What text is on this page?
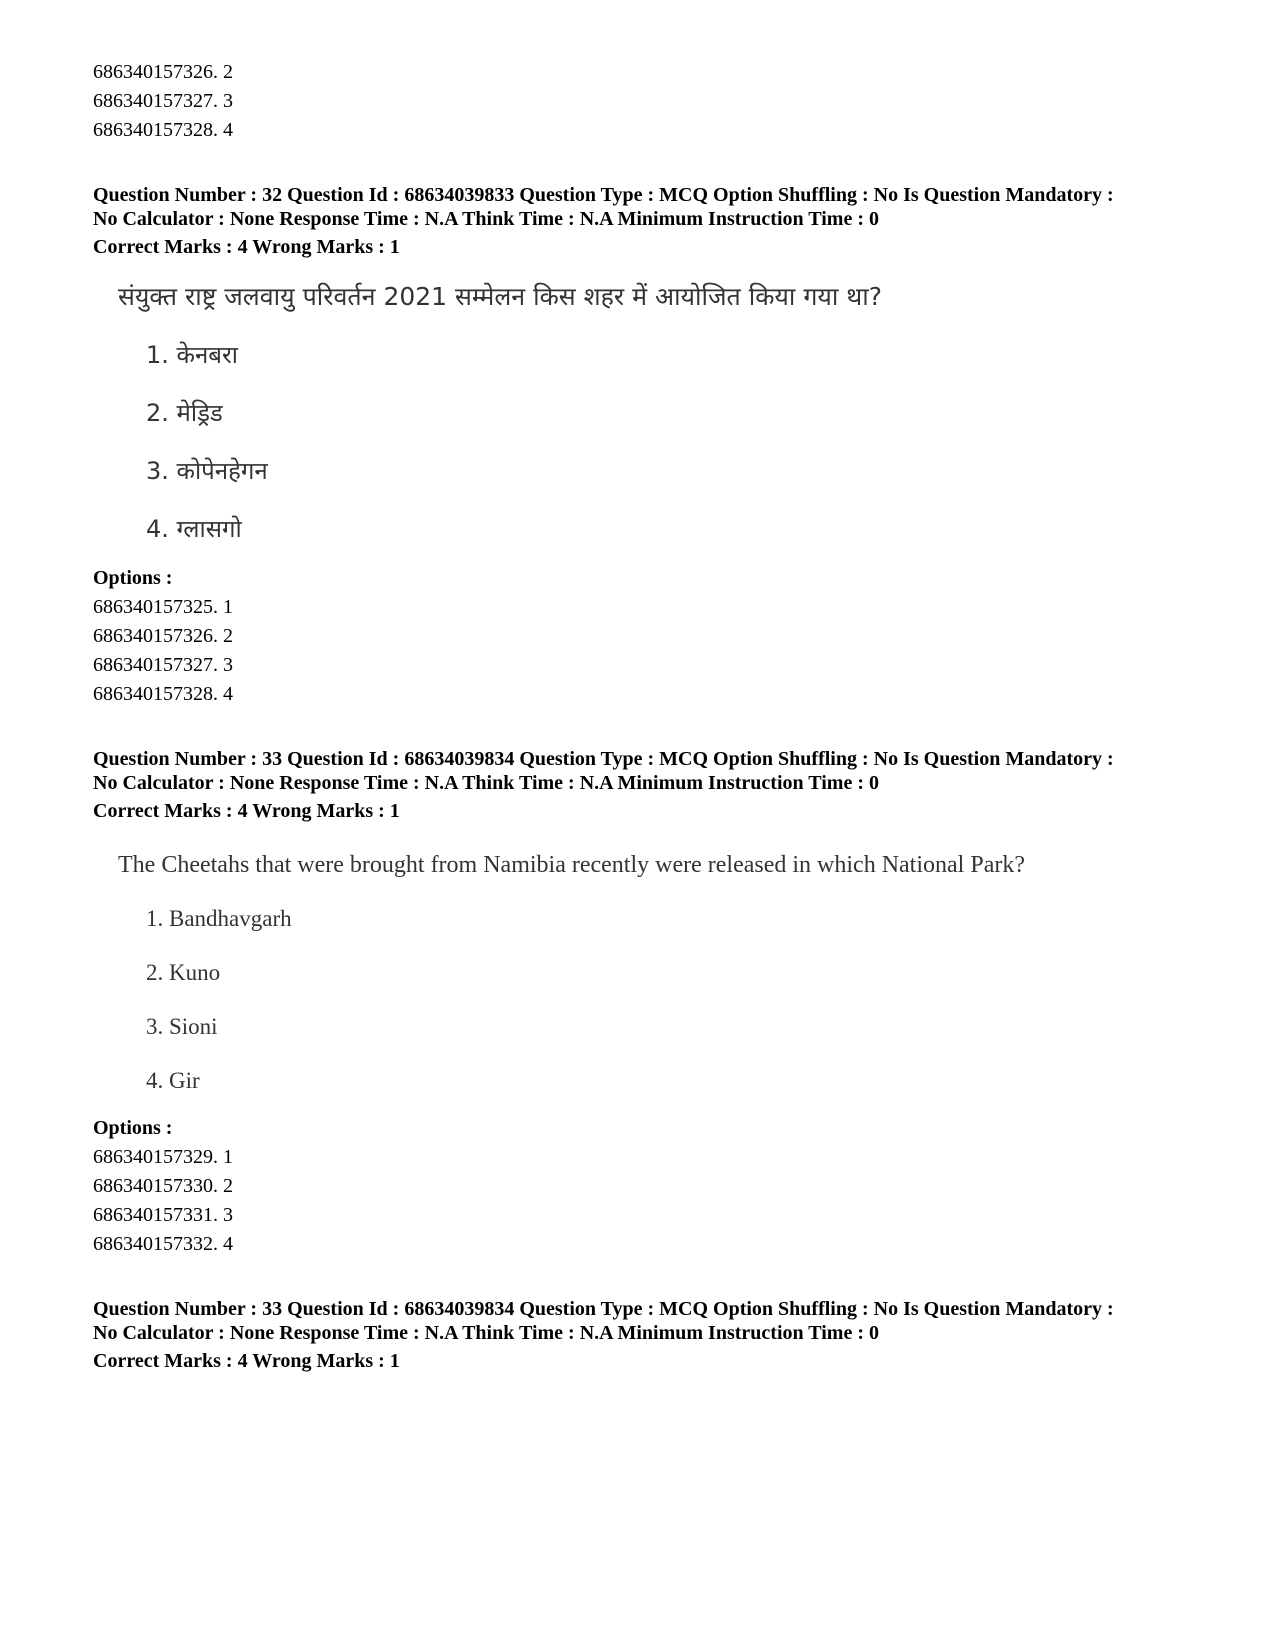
686340157326. 2
686340157327. 3
686340157328. 4
Question Number : 32 Question Id : 68634039833 Question Type : MCQ Option Shuffling : No Is Question Mandatory :
No Calculator : None Response Time : N.A Think Time : N.A Minimum Instruction Time : 0
Correct Marks : 4 Wrong Marks : 1
संयुक्त राष्ट्र जलवायु परिवर्तन 2021 सम्मेलन किस शहर में आयोजित किया गया था?
1. केनबरा
2. मेड्रिड
3. कोपेनहेगन
4. ग्लासगो
Options :
686340157325. 1
686340157326. 2
686340157327. 3
686340157328. 4
Question Number : 33 Question Id : 68634039834 Question Type : MCQ Option Shuffling : No Is Question Mandatory :
No Calculator : None Response Time : N.A Think Time : N.A Minimum Instruction Time : 0
Correct Marks : 4 Wrong Marks : 1
The Cheetahs that were brought from Namibia recently were released in which National Park?
1. Bandhavgarh
2. Kuno
3. Sioni
4. Gir
Options :
686340157329. 1
686340157330. 2
686340157331. 3
686340157332. 4
Question Number : 33 Question Id : 68634039834 Question Type : MCQ Option Shuffling : No Is Question Mandatory :
No Calculator : None Response Time : N.A Think Time : N.A Minimum Instruction Time : 0
Correct Marks : 4 Wrong Marks : 1
